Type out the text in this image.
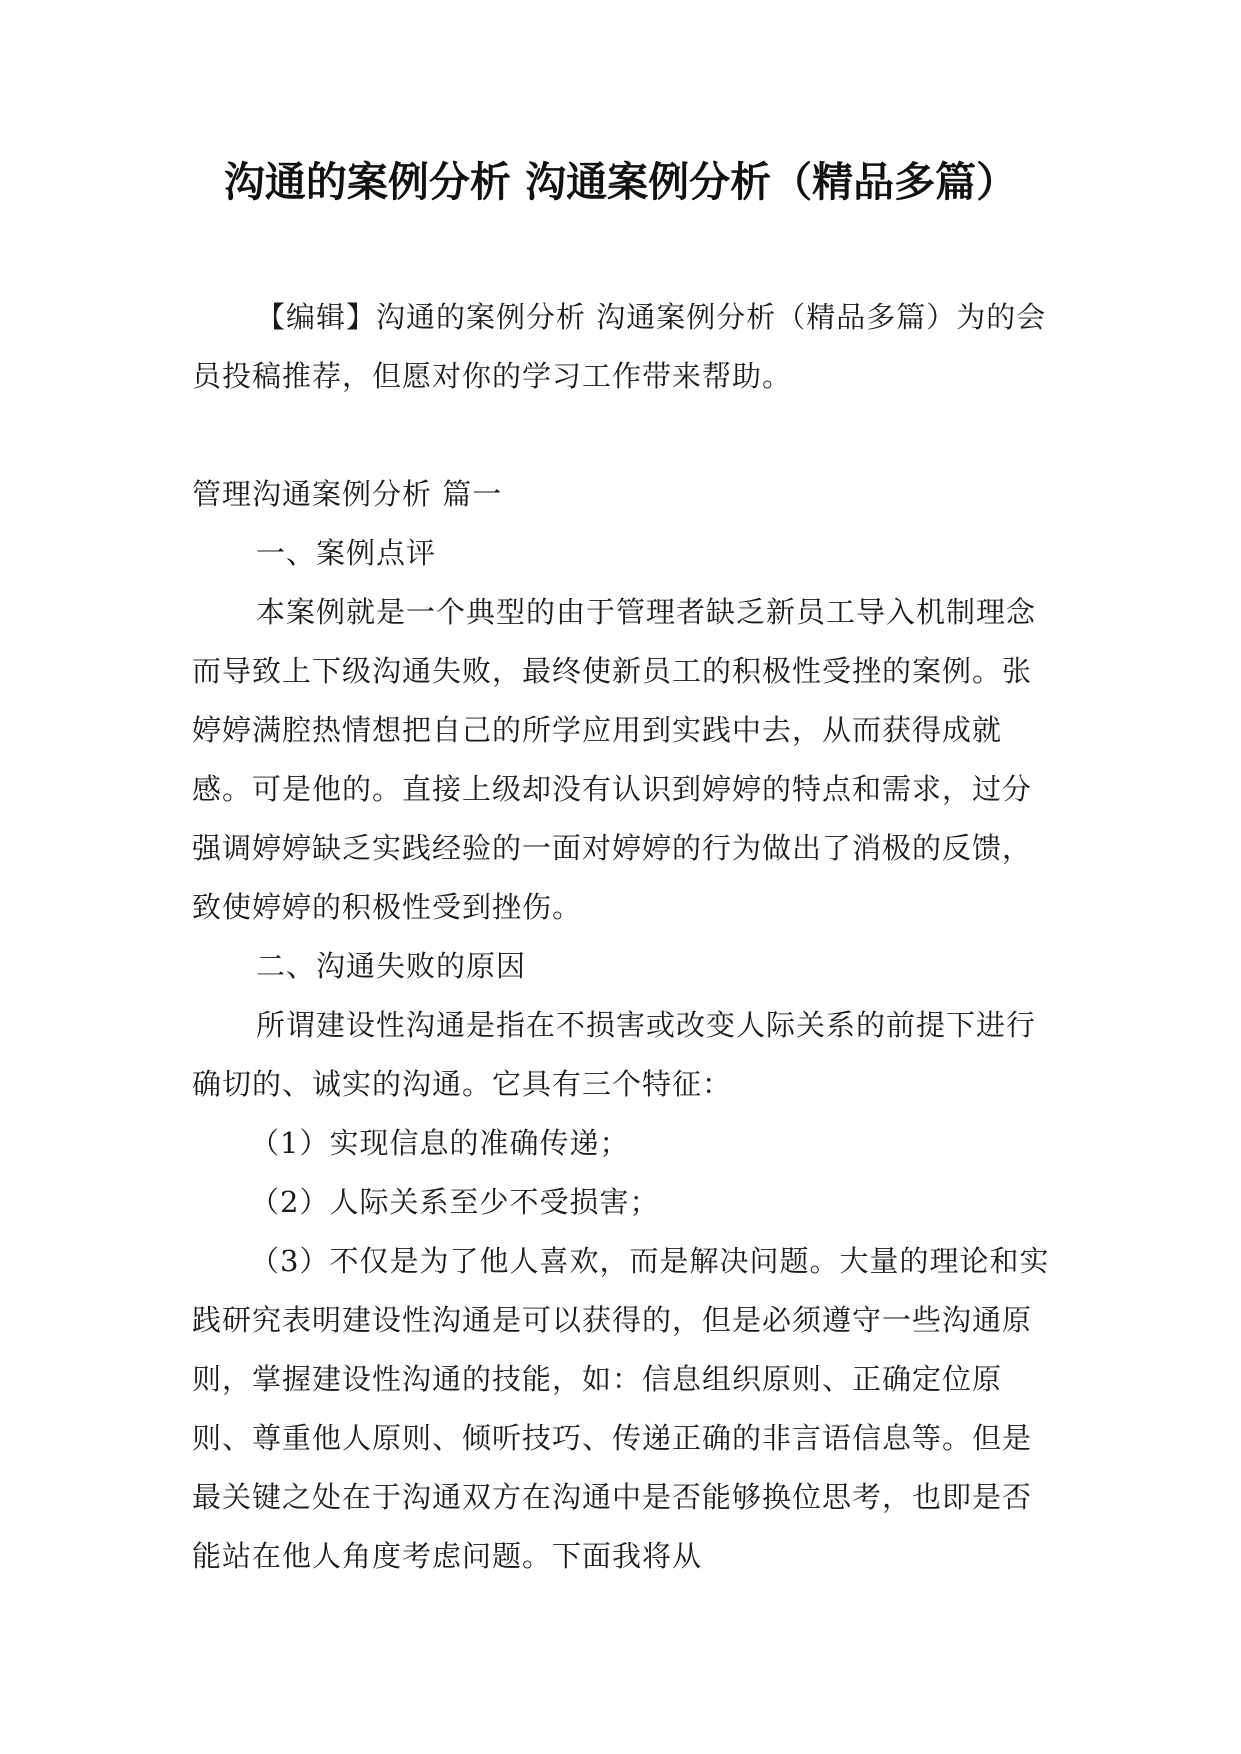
沟通的案例分析 沟通案例分析（精品多篇）

【编辑】沟通的案例分析 沟通案例分析（精品多篇）为的会员投稿推荐，但愿对你的学习工作带来帮助。

管理沟通案例分析 篇一

一、案例点评

本案例就是一个典型的由于管理者缺乏新员工导入机制理念而导致上下级沟通失败，最终使新员工的积极性受挫的案例。张婷婷满腔热情想把自己的所学应用到实践中去，从而获得成就感。可是他的。直接上级却没有认识到婷婷的特点和需求，过分强调婷婷缺乏实践经验的一面对婷婷的行为做出了消极的反馈，致使婷婷的积极性受到挫伤。

二、沟通失败的原因

所谓建设性沟通是指在不损害或改变人际关系的前提下进行确切的、诚实的沟通。它具有三个特征：

（1）实现信息的准确传递；

（2）人际关系至少不受损害；

（3）不仅是为了他人喜欢，而是解决问题。大量的理论和实践研究表明建设性沟通是可以获得的，但是必须遵守一些沟通原则，掌握建设性沟通的技能，如：信息组织原则、正确定位原则、尊重他人原则、倾听技巧、传递正确的非言语信息等。但是最关键之处在于沟通双方在沟通中是否能够换位思考，也即是否能站在他人角度考虑问题。下面我将从
